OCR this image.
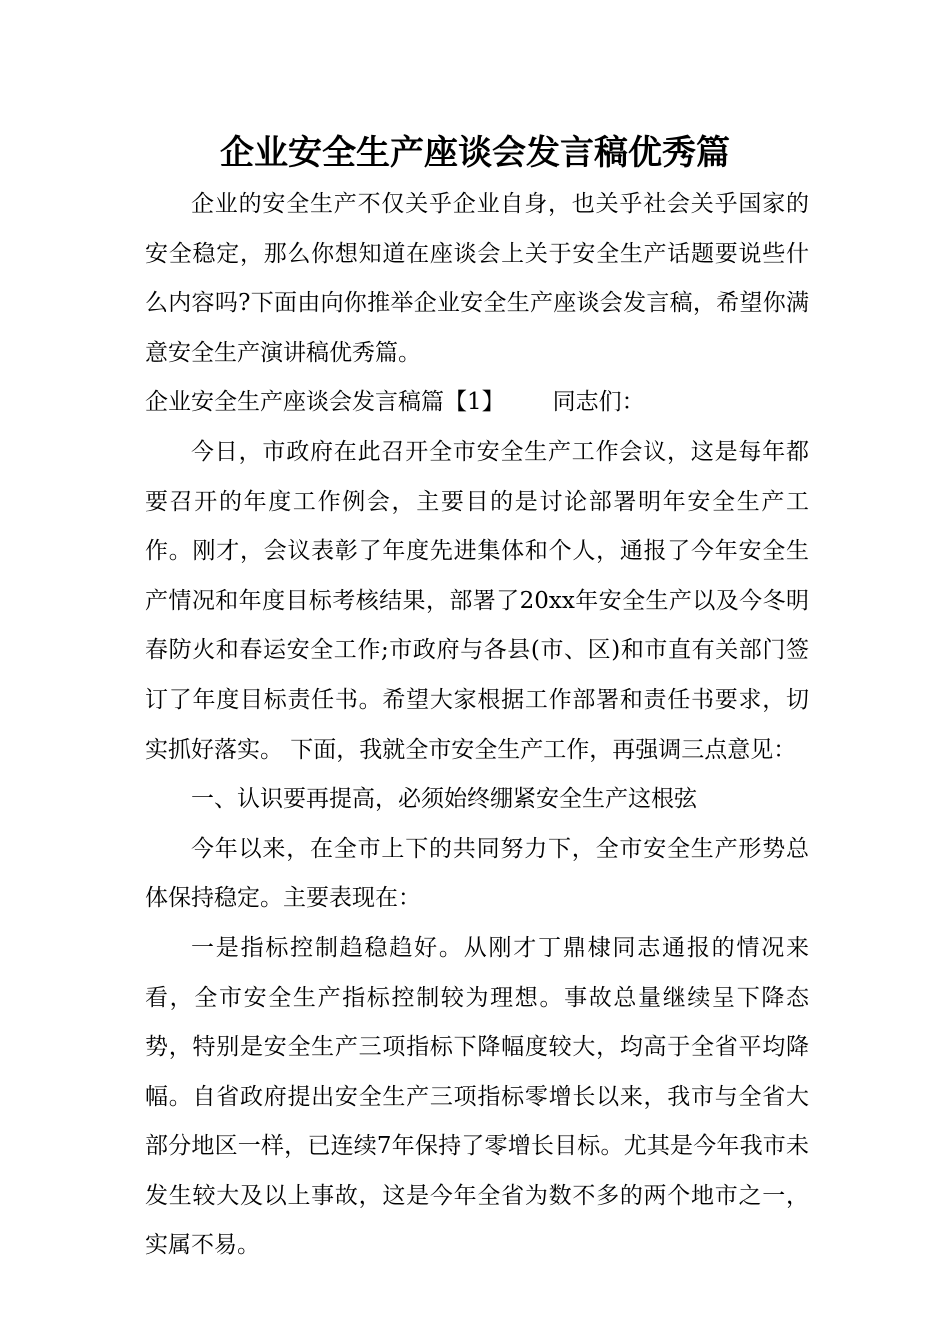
企业安全生产座谈会发言稿优秀篇

企业的安全生产不仅关乎企业自身，也关乎社会关乎国家的安全稳定，那么你想知道在座谈会上关于安全生产话题要说些什么内容吗?下面由向你推举企业安全生产座谈会发言稿，希望你满意安全生产演讲稿优秀篇。

企业安全生产座谈会发言稿篇【1】 同志们：

今日，市政府在此召开全市安全生产工作会议，这是每年都要召开的年度工作例会，主要目的是讨论部署明年安全生产工作。刚才，会议表彰了年度先进集体和个人，通报了今年安全生产情况和年度目标考核结果，部署了20xx年安全生产以及今冬明春防火和春运安全工作;市政府与各县(市、区)和市直有关部门签订了年度目标责任书。希望大家根据工作部署和责任书要求，切实抓好落实。 下面，我就全市安全生产工作，再强调三点意见：

一、认识要再提高，必须始终绷紧安全生产这根弦

今年以来，在全市上下的共同努力下，全市安全生产形势总体保持稳定。主要表现在：

一是指标控制趋稳趋好。从刚才丁鼎棣同志通报的情况来看，全市安全生产指标控制较为理想。事故总量继续呈下降态势，特别是安全生产三项指标下降幅度较大，均高于全省平均降幅。自省政府提出安全生产三项指标零增长以来，我市与全省大部分地区一样，已连续7年保持了零增长目标。尤其是今年我市未发生较大及以上事故，这是今年全省为数不多的两个地市之一，实属不易。
